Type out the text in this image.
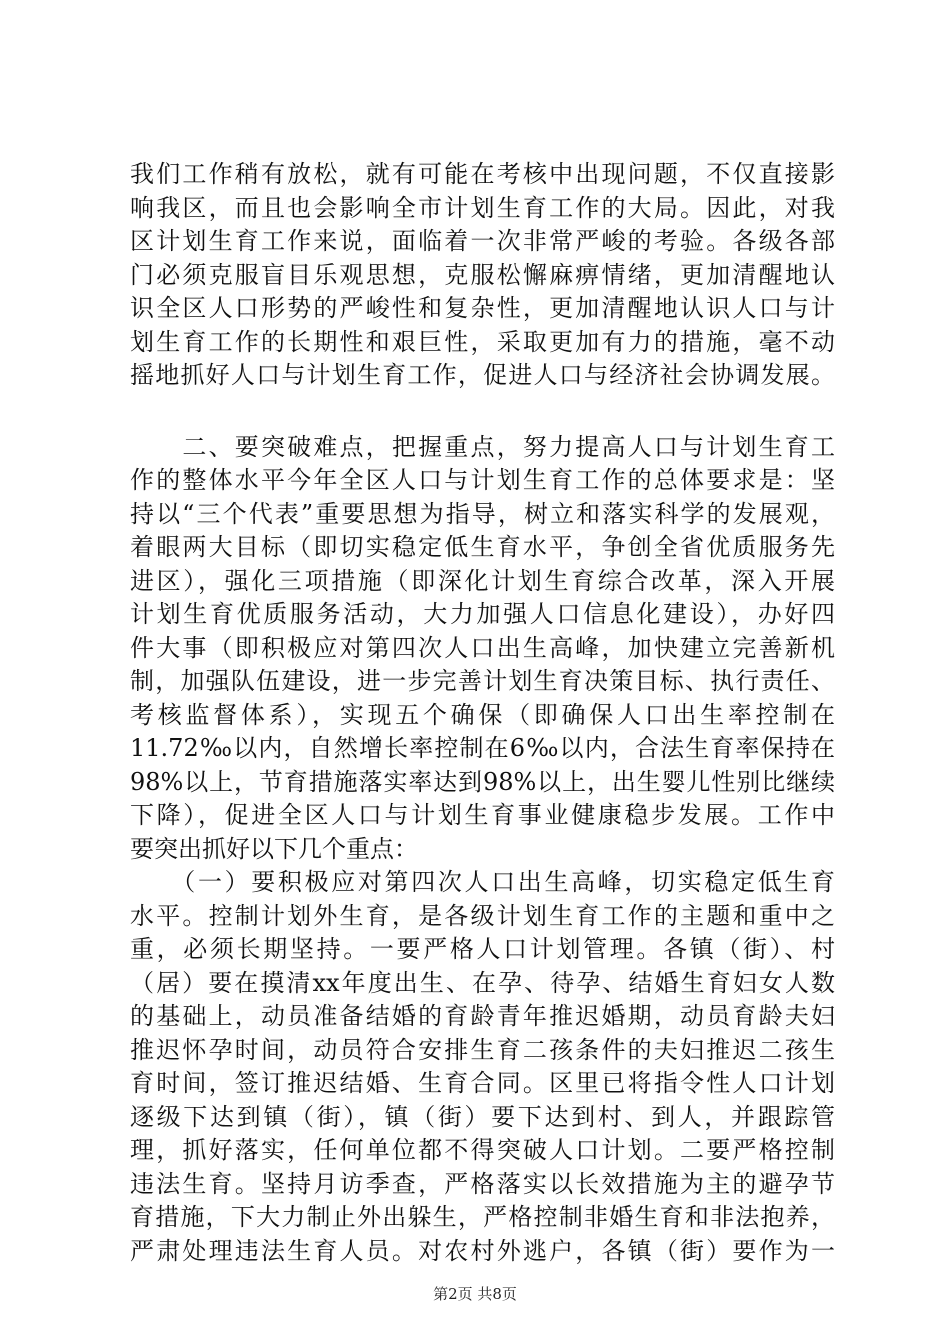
我们工作稍有放松，就有可能在考核中出现问题，不仅直接影
响我区，而且也会影响全市计划生育工作的大局。因此，对我
区计划生育工作来说，面临着一次非常严峻的考验。各级各部
门必须克服盲目乐观思想，克服松懈麻痹情绪，更加清醒地认
识全区人口形势的严峻性和复杂性，更加清醒地认识人口与计
划生育工作的长期性和艰巨性，采取更加有力的措施，毫不动
摇地抓好人口与计划生育工作，促进人口与经济社会协调发展。
　　二、要突破难点，把握重点，努力提高人口与计划生育工
作的整体水平今年全区人口与计划生育工作的总体要求是：坚
持以“三个代表”重要思想为指导，树立和落实科学的发展观，
着眼两大目标（即切实稳定低生育水平，争创全省优质服务先
进区），强化三项措施（即深化计划生育综合改革，深入开展
计划生育优质服务活动，大力加强人口信息化建设），办好四
件大事（即积极应对第四次人口出生高峰，加快建立完善新机
制，加强队伍建设，进一步完善计划生育决策目标、执行责任、
考核监督体系），实现五个确保（即确保人口出生率控制在
11.72‰以内，自然增长率控制在6‰以内，合法生育率保持在
98%以上，节育措施落实率达到98%以上，出生婴儿性别比继续
下降），促进全区人口与计划生育事业健康稳步发展。工作中
要突出抓好以下几个重点：
　　（一）要积极应对第四次人口出生高峰，切实稳定低生育
水平。控制计划外生育，是各级计划生育工作的主题和重中之
重，必须长期坚持。一要严格人口计划管理。各镇（街）、村
（居）要在摸清xx年度出生、在孕、待孕、结婚生育妇女人数
的基础上，动员准备结婚的育龄青年推迟婚期，动员育龄夫妇
推迟怀孕时间，动员符合安排生育二孩条件的夫妇推迟二孩生
育时间，签订推迟结婚、生育合同。区里已将指令性人口计划
逐级下达到镇（街），镇（街）要下达到村、到人，并跟踪管
理，抓好落实，任何单位都不得突破人口计划。二要严格控制
违法生育。坚持月访季查，严格落实以长效措施为主的避孕节
育措施，下大力制止外出躲生，严格控制非婚生育和非法抱养，
严肃处理违法生育人员。对农村外逃户，各镇（街）要作为一
第2页 共8页
